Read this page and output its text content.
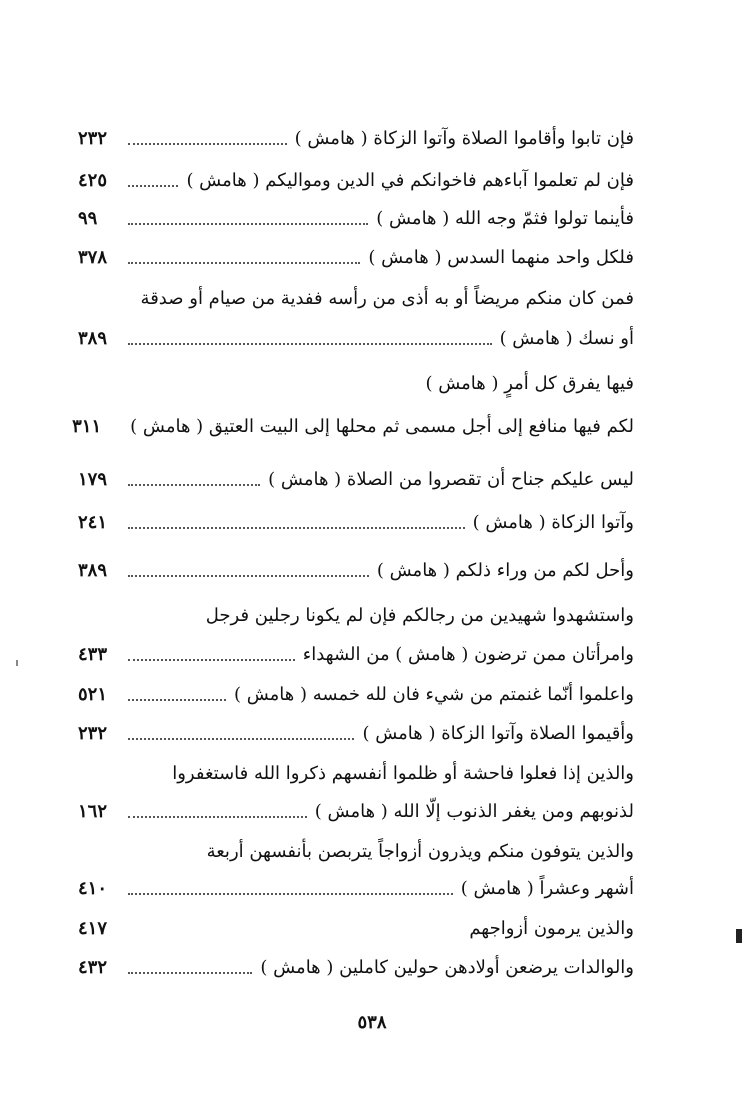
فإن تابوا وأقاموا الصلاة وآتوا الزكاة ( هامش )
٢٣٢
فإن لم تعلموا آباءهم فاخوانكم في الدين ومواليكم ( هامش )
٤٢٥
فأينما تولوا فثمّ وجه الله ( هامش )
٩٩
فلكل واحد منهما السدس ( هامش )
٣٧٨
فمن كان منكم مريضاً أو به أذى من رأسه ففدية من صيام أو صدقة
أو نسك ( هامش )
٣٨٩
فيها يفرق كل أمرٍ ( هامش )
لكم فيها منافع إلى أجل مسمى ثم محلها إلى البيت العتيق ( هامش )
٣١١
ليس عليكم جناح أن تقصروا من الصلاة ( هامش )
١٧٩
وآتوا الزكاة ( هامش )
٢٤١
وأحل لكم من وراء ذلكم ( هامش )
٣٨٩
واستشهدوا شهيدين من رجالكم فإن لم يكونا رجلين فرجل
وامرأتان ممن ترضون ( هامش ) من الشهداء
٤٣٣
واعلموا أنّما غنمتم من شيء فان لله خمسه ( هامش )
٥٢١
وأقيموا الصلاة وآتوا الزكاة ( هامش )
٢٣٢
والذين إذا فعلوا فاحشة أو ظلموا أنفسهم ذكروا الله فاستغفروا
لذنوبهم ومن يغفر الذنوب إلّا الله ( هامش )
١٦٢
والذين يتوفون منكم ويذرون أزواجاً يتربصن بأنفسهن أربعة
أشهر وعشراً ( هامش )
٤١٠
والذين يرمون أزواجهم
٤١٧
والوالدات يرضعن أولادهن حولين كاملين ( هامش )
٤٣٢
٥٣٨
